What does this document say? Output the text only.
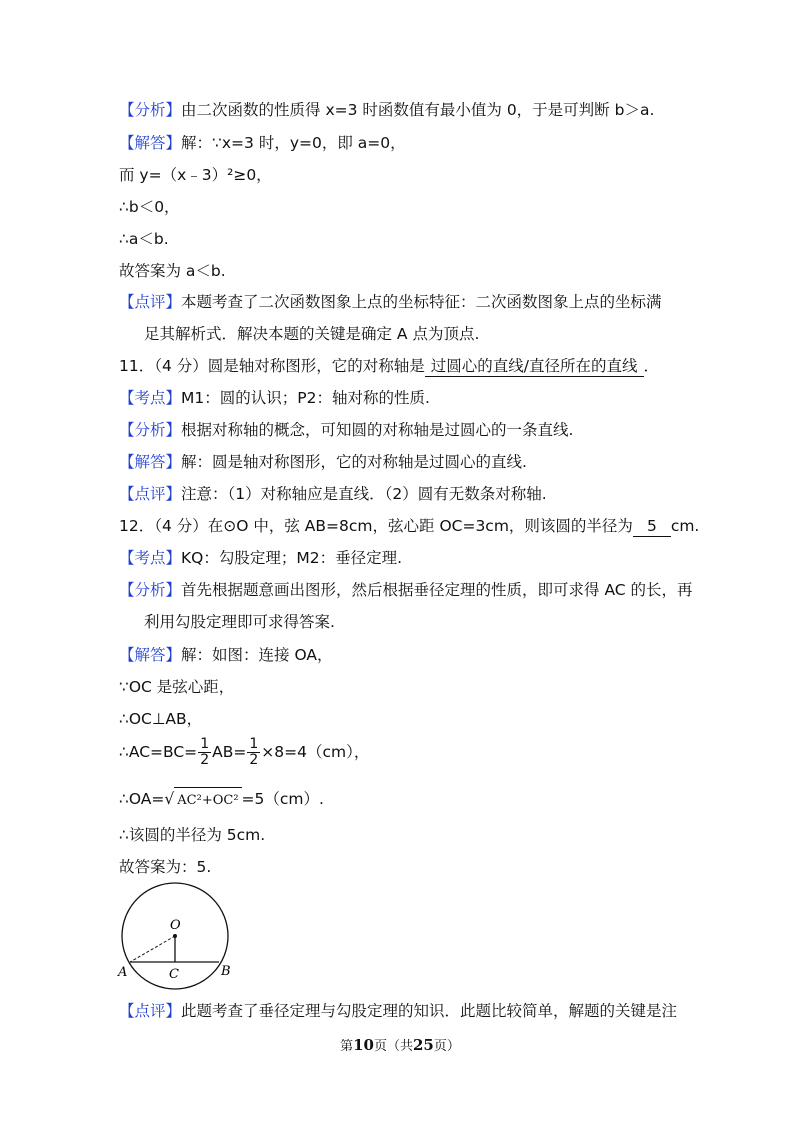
【分析】由二次函数的性质得 x=3 时函数值有最小值为 0，于是可判断 b＞a.
【解答】解：∵x=3 时，y=0，即 a=0，
而 y=（x﹣3）²≥0，
∴b＜0，
∴a＜b.
故答案为 a＜b.
【点评】本题考查了二次函数图象上点的坐标特征：二次函数图象上点的坐标满
足其解析式．解决本题的关键是确定 A 点为顶点.
11．（4 分）圆是轴对称图形，它的对称轴是 过圆心的直线/直径所在的直线 ．
【考点】M1：圆的认识；P2：轴对称的性质.
【分析】根据对称轴的概念，可知圆的对称轴是过圆心的一条直线.
【解答】解：圆是轴对称图形，它的对称轴是过圆心的直线.
【点评】注意：（1）对称轴应是直线．（2）圆有无数条对称轴.
12．（4 分）在⊙O 中，弦 AB=8cm，弦心距 OC=3cm，则该圆的半径为 5 cm.
【考点】KQ：勾股定理；M2：垂径定理.
【分析】首先根据题意画出图形，然后根据垂径定理的性质，即可求得 AC 的长，再
利用勾股定理即可求得答案.
【解答】解：如图：连接 OA，
∵OC 是弦心距，
∴OC⊥AB，
∴AC=BC= $\frac{1}{2} AB= \frac{1}{2} \times 8=4(cm)$，
∴OA=√ AC²+OC² =5（cm）.
∴该圆的半径为 5cm.
故答案为：5.
O
A	B
C
【点评】此题考查了垂径定理与勾股定理的知识．此题比较简单，解题的关键是注
第10页（共25页）
